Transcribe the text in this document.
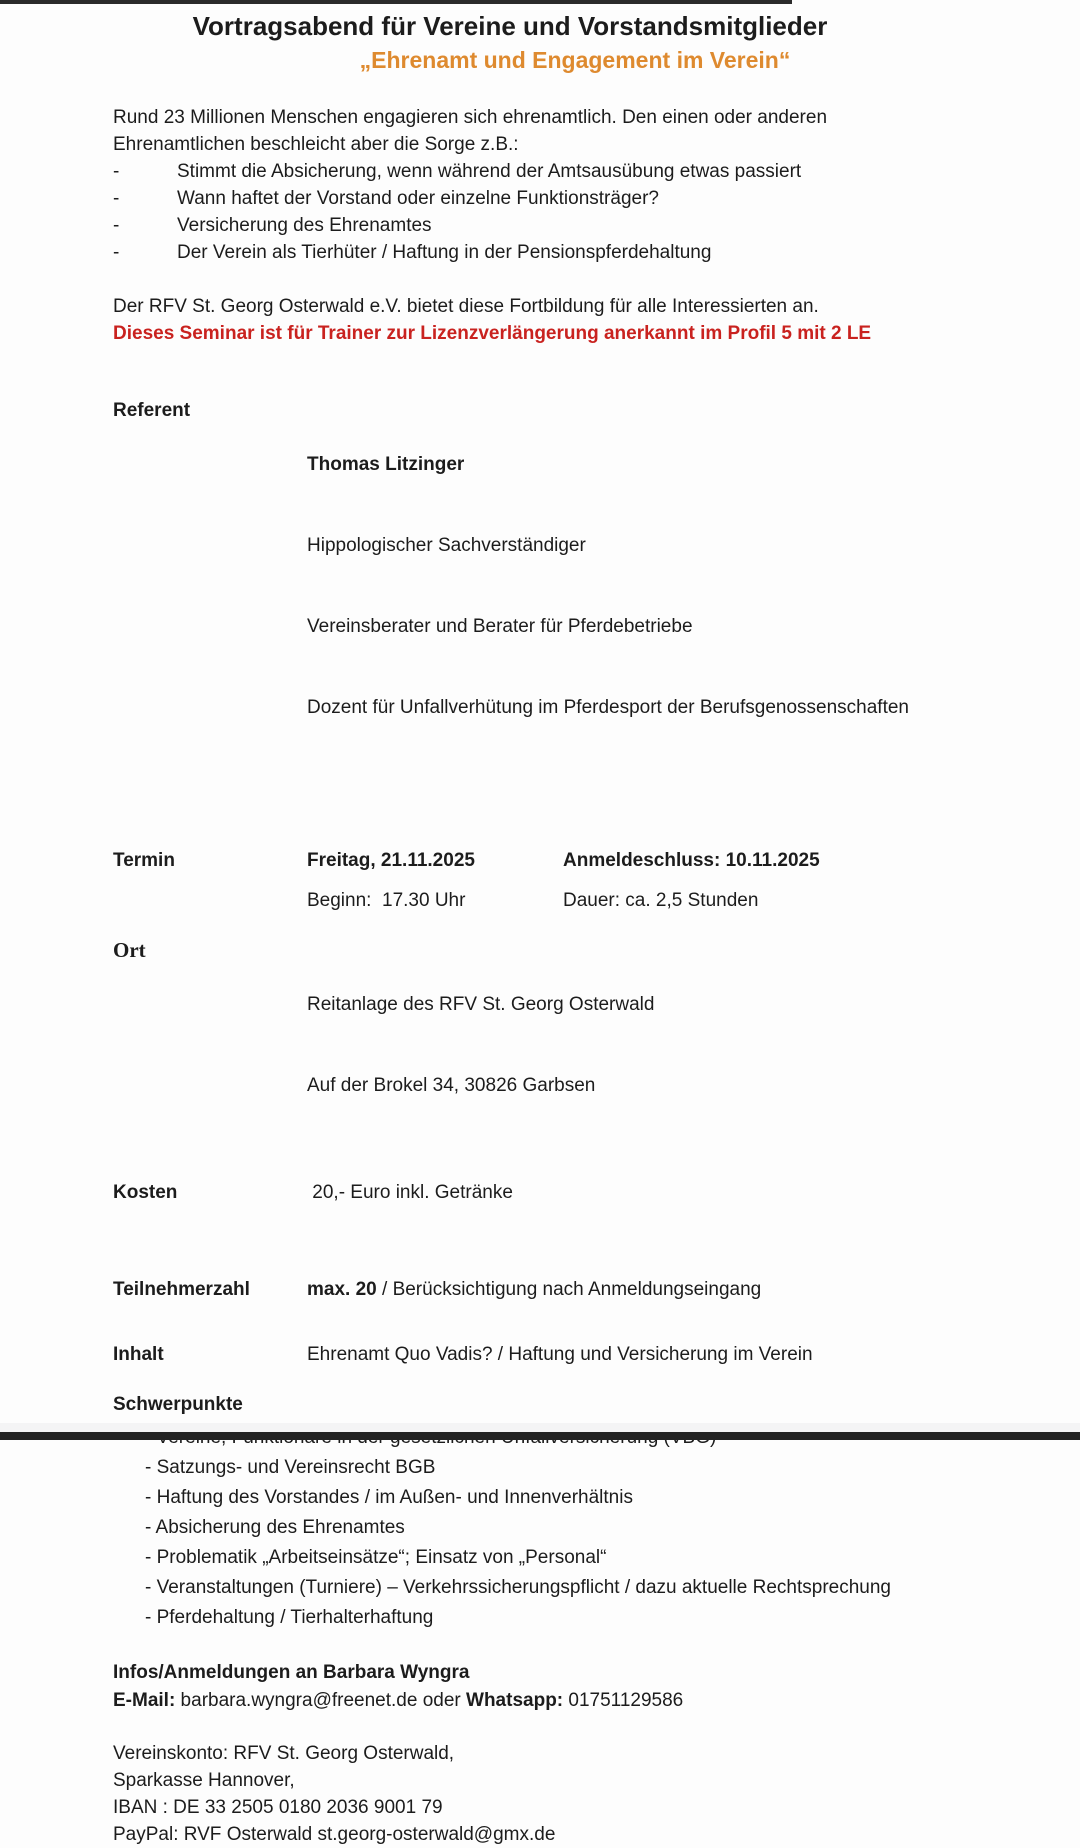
Vortragsabend für Vereine und Vorstandsmitglieder
„Ehrenamt und Engagement im Verein“
Rund 23 Millionen Menschen engagieren sich ehrenamtlich. Den einen oder anderen
Ehrenamtlichen beschleicht aber die Sorge z.B.:
-	Stimmt die Absicherung, wenn während der Amtsausübung etwas passiert
-	Wann haftet der Vorstand oder einzelne Funktionsträger?
-	Versicherung des Ehrenamtes
-	Der Verein als Tierhüter / Haftung in der Pensionspferdehaltung
Der RFV St. Georg Osterwald e.V. bietet diese Fortbildung für alle Interessierten an.
Dieses Seminar ist für Trainer zur Lizenzverlängerung anerkannt im Profil 5 mit 2 LE
Referent

Thomas Litzinger

Hippologischer Sachverständiger

Vereinsberater und Berater für Pferdebetriebe

Dozent für Unfallverhütung im Pferdesport der Berufsgenossenschaften

Termin	Freitag, 21.11.2025	Anmeldeschluss: 10.11.2025
Beginn:  17.30 Uhr	Dauer: ca. 2,5 Stunden
Ort

Reitanlage des RFV St. Georg Osterwald

Auf der Brokel 34, 30826 Garbsen

Kosten	20,- Euro inkl. Getränke
Teilnehmerzahl	max. 20 / Berücksichtigung nach Anmeldungseingang
Inhalt	Ehrenamt Quo Vadis? / Haftung und Versicherung im Verein
Schwerpunkte
- Satzungs- und Vereinsrecht BGB
- Haftung des Vorstandes / im Außen- und Innenverhältnis
- Absicherung des Ehrenamtes
- Problematik „Arbeitseinsätze“; Einsatz von „Personal“
- Veranstaltungen (Turniere) – Verkehrssicherungspflicht / dazu aktuelle Rechtsprechung
- Pferdehaltung / Tierhalterhaftung
Infos/Anmeldungen an Barbara Wyngra
E-Mail: barbara.wyngra@freenet.de oder Whatsapp: 01751129586
Vereinskonto: RFV St. Georg Osterwald,
Sparkasse Hannover,
IBAN : DE 33 2505 0180 2036 9001 79
PayPal: RVF Osterwald st.georg-osterwald@gmx.de
